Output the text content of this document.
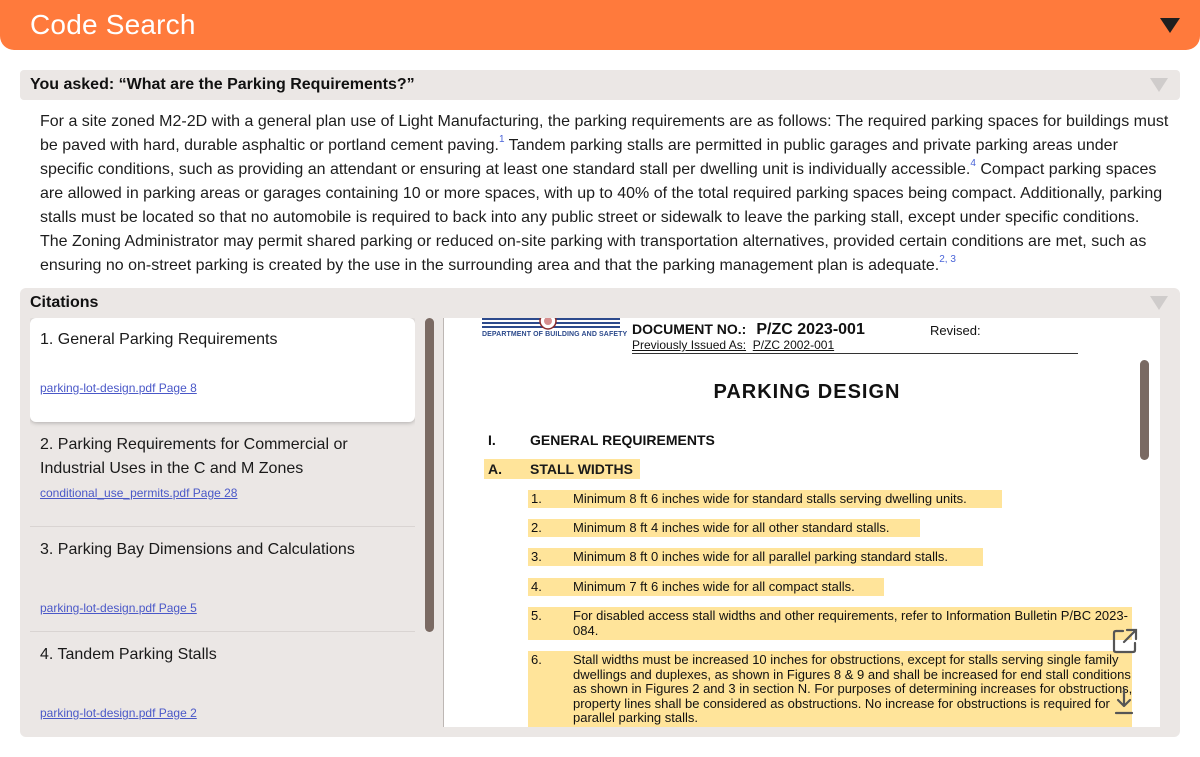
Code Search
You asked: “What are the Parking Requirements?”
For a site zoned M2-2D with a general plan use of Light Manufacturing, the parking requirements are as follows: The required parking spaces for buildings must be paved with hard, durable asphaltic or portland cement paving.$^1$ Tandem parking stalls are permitted in public garages and private parking areas under specific conditions, such as providing an attendant or ensuring at least one standard stall per dwelling unit is individually accessible.$^4$ Compact parking spaces are allowed in parking areas or garages containing 10 or more spaces, with up to 40% of the total required parking spaces being compact. Additionally, parking stalls must be located so that no automobile is required to back into any public street or sidewalk to leave the parking stall, except under specific conditions. The Zoning Administrator may permit shared parking or reduced on-site parking with transportation alternatives, provided certain conditions are met, such as ensuring no on-street parking is created by the use in the surrounding area and that the parking management plan is adequate.$^{2, 3}$
Citations
1. General Parking Requirements
parking-lot-design.pdf Page 8
2. Parking Requirements for Commercial or Industrial Uses in the C and M Zones
conditional_use_permits.pdf Page 28
3. Parking Bay Dimensions and Calculations
parking-lot-design.pdf Page 5
4. Tandem Parking Stalls
parking-lot-design.pdf Page 2
DEPARTMENT OF BUILDING AND SAFETY DOCUMENT NO.: P/ZC 2023-001	Revised:
Previously Issued As: P/ZC 2002-001
PARKING DESIGN
I. GENERAL REQUIREMENTS
A.	STALL WIDTHS
1.	Minimum 8 ft 6 inches wide for standard stalls serving dwelling units.
2.	Minimum 8 ft 4 inches wide for all other standard stalls.
3.	Minimum 8 ft 0 inches wide for all parallel parking standard stalls.
4.	Minimum 7 ft 6 inches wide for all compact stalls.
5.	For disabled access stall widths and other requirements, refer to Information Bulletin P/BC 2023-084.
6.	Stall widths must be increased 10 inches for obstructions, except for stalls serving single family dwellings and duplexes, as shown in Figures 8 & 9 and shall be increased for end stall conditions as shown in Figures 2 and 3 in section N. For purposes of determining increases for obstructions, property lines shall be considered as obstructions. No increase for obstructions is required for parallel parking stalls.
